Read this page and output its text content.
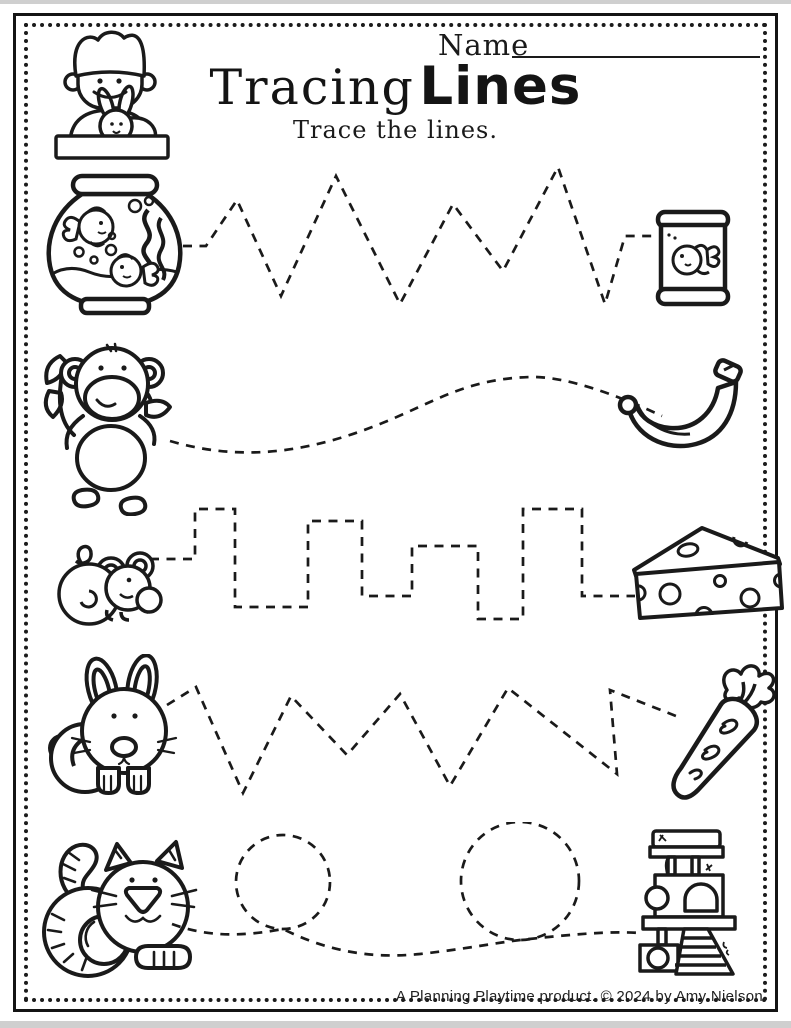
Name
Tracing Lines
Trace the lines.
A Planning Playtime product. © 2024 by Amy Nielson
